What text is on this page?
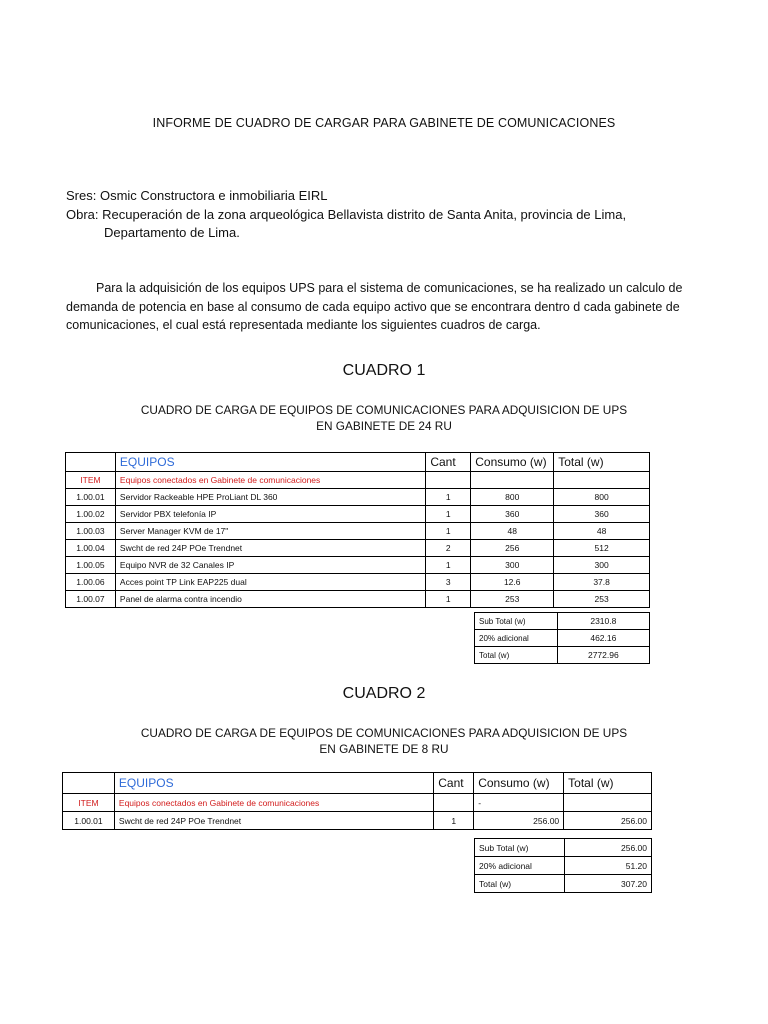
INFORME DE CUADRO DE CARGAR PARA GABINETE DE COMUNICACIONES
Sres: Osmic Constructora e inmobiliaria EIRL
Obra: Recuperación de la zona arqueológica Bellavista distrito de Santa Anita, provincia de Lima,
Departamento de Lima.
Para la adquisición de los equipos UPS para el sistema de comunicaciones, se ha realizado un calculo de demanda de potencia en base al consumo de cada equipo activo que se encontrara dentro d cada gabinete de comunicaciones, el cual está representada mediante los siguientes cuadros de carga.
CUADRO 1
CUADRO DE CARGA DE EQUIPOS DE COMUNICACIONES PARA ADQUISICION DE UPS
EN GABINETE DE 24 RU
	EQUIPOS	Cant	Consumo (w)	Total (w)
ITEM	Equipos conectados en Gabinete de comunicaciones			
1.00.01	Servidor Rackeable HPE ProLiant DL 360	1	800	800
1.00.02	Servidor PBX telefonía IP	1	360	360
1.00.03	Server Manager KVM de 17"	1	48	48
1.00.04	Swcht de red 24P POe Trendnet	2	256	512
1.00.05	Equipo NVR de 32 Canales IP	1	300	300
1.00.06	Acces point TP Link EAP225 dual	3	12.6	37.8
1.00.07	Panel de alarma contra incendio	1	253	253
Sub Total (w)	2310.8
20% adicional	462.16
Total (w)	2772.96
CUADRO 2
CUADRO DE CARGA DE EQUIPOS DE COMUNICACIONES PARA ADQUISICION DE UPS
EN GABINETE DE 8 RU
	EQUIPOS	Cant	Consumo (w)	Total (w)
ITEM	Equipos conectados en Gabinete de comunicaciones		-	
1.00.01	Swcht de red 24P POe Trendnet	1	256.00	256.00
Sub Total (w)	256.00
20% adicional	51.20
Total (w)	307.20
